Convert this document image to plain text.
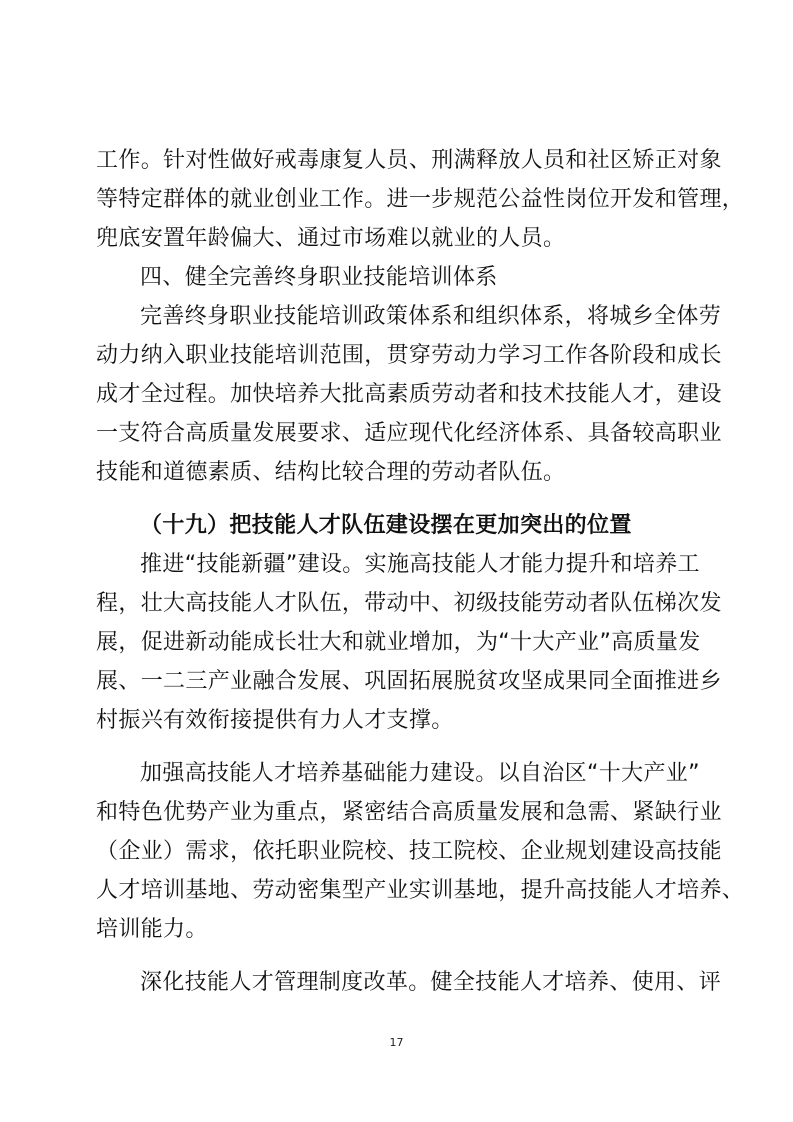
工作。针对性做好戒毒康复人员、刑满释放人员和社区矫正对象
等特定群体的就业创业工作。进一步规范公益性岗位开发和管理，
兜底安置年龄偏大、通过市场难以就业的人员。
四、健全完善终身职业技能培训体系
完善终身职业技能培训政策体系和组织体系，将城乡全体劳
动力纳入职业技能培训范围，贯穿劳动力学习工作各阶段和成长
成才全过程。加快培养大批高素质劳动者和技术技能人才，建设
一支符合高质量发展要求、适应现代化经济体系、具备较高职业
技能和道德素质、结构比较合理的劳动者队伍。
（十九）把技能人才队伍建设摆在更加突出的位置
推进“技能新疆”建设。实施高技能人才能力提升和培养工
程，壮大高技能人才队伍，带动中、初级技能劳动者队伍梯次发
展，促进新动能成长壮大和就业增加，为“十大产业”高质量发
展、一二三产业融合发展、巩固拓展脱贫攻坚成果同全面推进乡
村振兴有效衔接提供有力人才支撑。
加强高技能人才培养基础能力建设。以自治区“十大产业”
和特色优势产业为重点，紧密结合高质量发展和急需、紧缺行业
（企业）需求，依托职业院校、技工院校、企业规划建设高技能
人才培训基地、劳动密集型产业实训基地，提升高技能人才培养、
培训能力。
深化技能人才管理制度改革。健全技能人才培养、使用、评
17
